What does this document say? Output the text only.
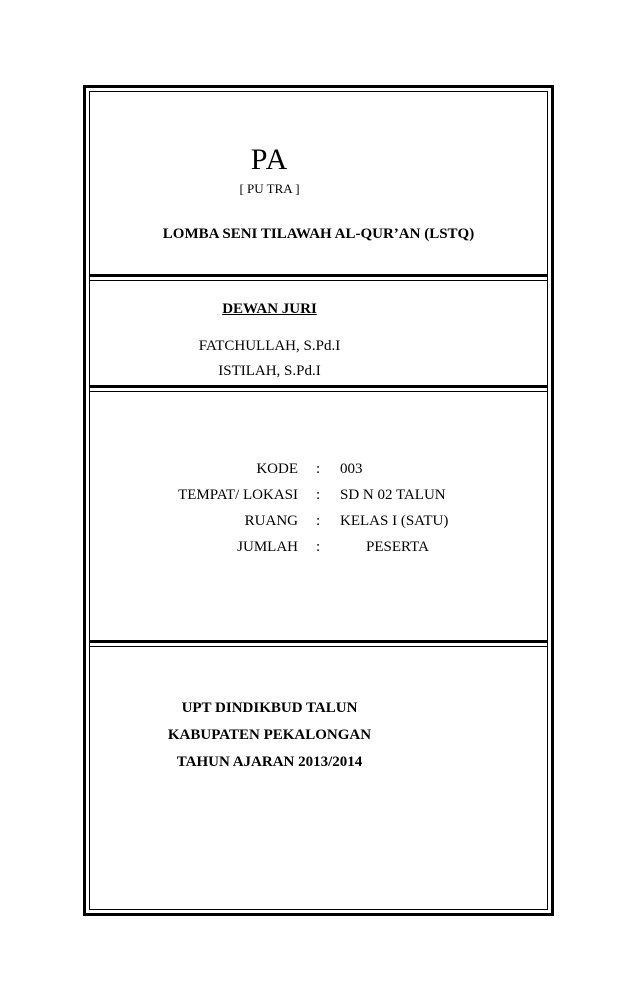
PA
[ PU TRA ]
LOMBA SENI TILAWAH AL-QUR’AN (LSTQ)
DEWAN JURI
FATCHULLAH, S.Pd.I
ISTILAH, S.Pd.I
KODE : 003
TEMPAT/ LOKASI : SD N 02 TALUN
RUANG : KELAS I (SATU)
JUMLAH :	PESERTA
UPT DINDIKBUD TALUN
KABUPATEN PEKALONGAN
TAHUN AJARAN 2013/2014
